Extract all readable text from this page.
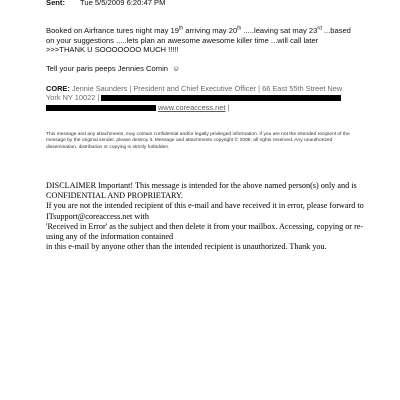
Sent: Tue 5/5/2009 6:20:47 PM

Booked on Airfrance tures night may 19th arriving may 20th .....leaving sat may 23rd ...based

on your suggestions .....lets plan an awesome awesome killer time ...will call later

>>>THANK U SOOOOOOO MUCH !!!!!

Tell your paris peeps Jennies Comin ☺

CORE: Jennie Saunders | President and Chief Executive Officer | 66 East 55th Street New
York NY 10022 |
www.coreaccess.net |
This message and any attachments, may contain confidential and/or legally privileged information. If you are not the intended recipient of the message by the original sender, please destroy it. Message and attachments copyright © 2008, all rights reserved. Any unauthorized dissemination, distribution or copying is strictly forbidden.

DISCLAIMER Important! This message is intended for the above named person(s) only and is

CONFIDENTIAL AND PROPRIETARY.

If you are not the intended recipient of this e-mail and have received it in error, please forward to

ITsupport@coreaccess.net with

'Received in Error' as the subject and then delete it from your mailbox. Accessing, copying or re-

using any of the information contained

in this e-mail by anyone other than the intended recipient is unauthorized. Thank you.
